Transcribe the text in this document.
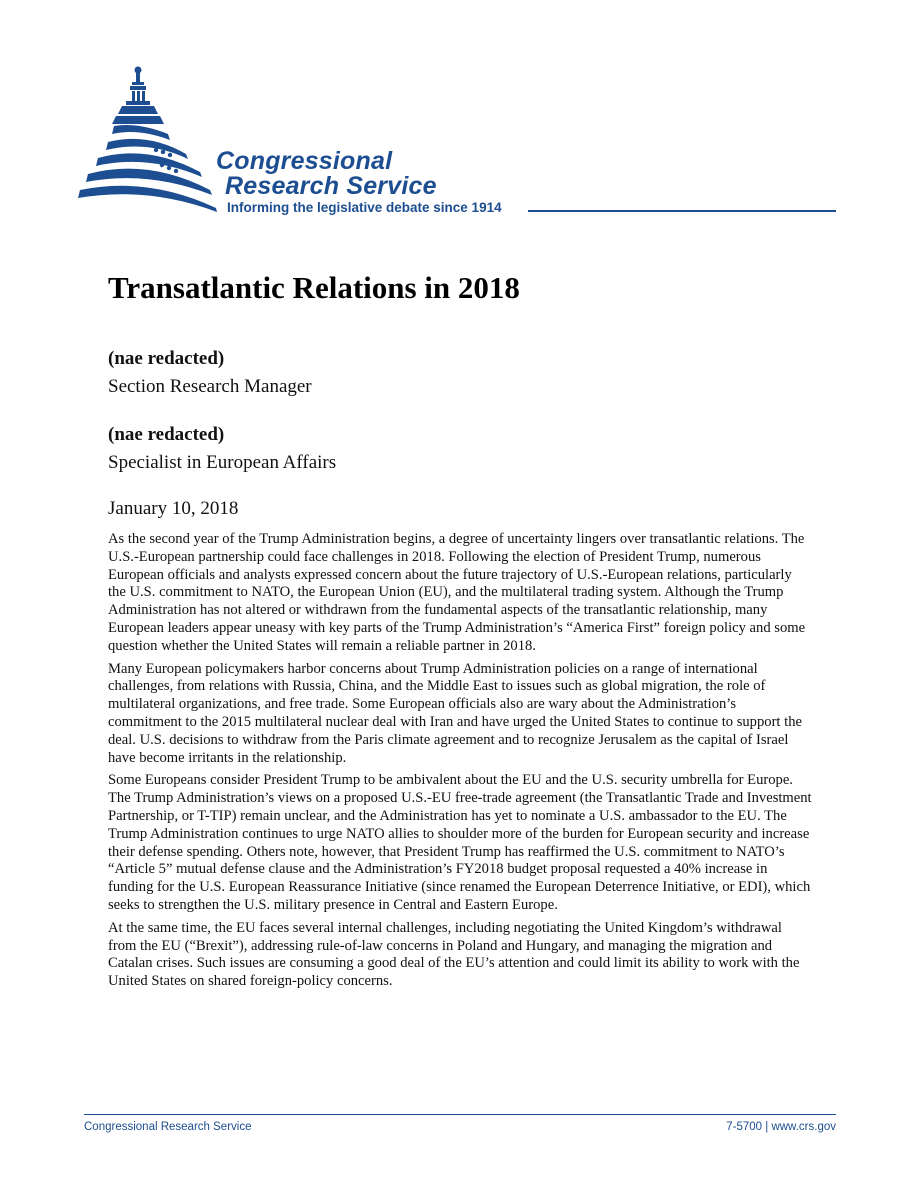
Congressional
Research Service
Informing the legislative debate since 1914
Transatlantic Relations in 2018

(nae redacted)

Section Research Manager

(nae redacted)

Specialist in European Affairs

January 10, 2018

As the second year of the Trump Administration begins, a degree of uncertainty lingers over transatlantic relations. The U.S.-European partnership could face challenges in 2018. Following the election of President Trump, numerous European officials and analysts expressed concern about the future trajectory of U.S.-European relations, particularly the U.S. commitment to NATO, the European Union (EU), and the multilateral trading system. Although the Trump Administration has not altered or withdrawn from the fundamental aspects of the transatlantic relationship, many European leaders appear uneasy with key parts of the Trump Administration’s “America First” foreign policy and some question whether the United States will remain a reliable partner in 2018.

Many European policymakers harbor concerns about Trump Administration policies on a range of international challenges, from relations with Russia, China, and the Middle East to issues such as global migration, the role of multilateral organizations, and free trade. Some European officials also are wary about the Administration’s commitment to the 2015 multilateral nuclear deal with Iran and have urged the United States to continue to support the deal. U.S. decisions to withdraw from the Paris climate agreement and to recognize Jerusalem as the capital of Israel have become irritants in the relationship.

Some Europeans consider President Trump to be ambivalent about the EU and the U.S. security umbrella for Europe. The Trump Administration’s views on a proposed U.S.-EU free-trade agreement (the Transatlantic Trade and Investment Partnership, or T-TIP) remain unclear, and the Administration has yet to nominate a U.S. ambassador to the EU. The Trump Administration continues to urge NATO allies to shoulder more of the burden for European security and increase their defense spending. Others note, however, that President Trump has reaffirmed the U.S. commitment to NATO’s “Article 5” mutual defense clause and the Administration’s FY2018 budget proposal requested a 40% increase in funding for the U.S. European Reassurance Initiative (since renamed the European Deterrence Initiative, or EDI), which seeks to strengthen the U.S. military presence in Central and Eastern Europe.

At the same time, the EU faces several internal challenges, including negotiating the United Kingdom’s withdrawal from the EU (“Brexit”), addressing rule-of-law concerns in Poland and Hungary, and managing the migration and Catalan crises. Such issues are consuming a good deal of the EU’s attention and could limit its ability to work with the United States on shared foreign-policy concerns.

Congressional Research Service	7-5700 | www.crs.gov
